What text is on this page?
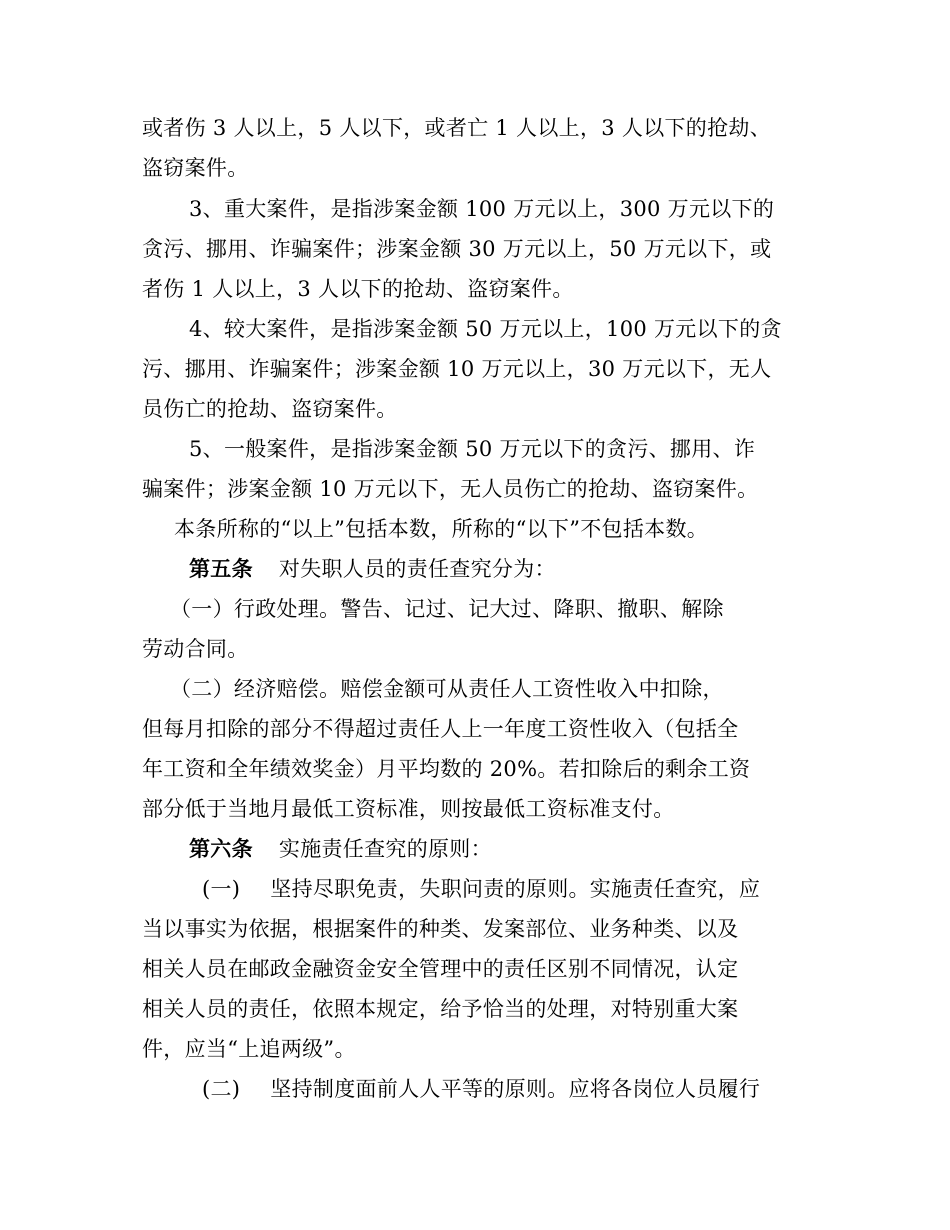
或者伤 3 人以上，5 人以下，或者亡 1 人以上，3 人以下的抢劫、
盗窃案件。
3、重大案件，是指涉案金额 100 万元以上，300 万元以下的
贪污、挪用、诈骗案件；涉案金额 30 万元以上，50 万元以下，或
者伤 1 人以上，3 人以下的抢劫、盗窃案件。
4、较大案件，是指涉案金额 50 万元以上，100 万元以下的贪
污、挪用、诈骗案件；涉案金额 10 万元以上，30 万元以下，无人
员伤亡的抢劫、盗窃案件。
5、一般案件，是指涉案金额 50 万元以下的贪污、挪用、诈
骗案件；涉案金额 10 万元以下，无人员伤亡的抢劫、盗窃案件。
本条所称的“以上”包括本数，所称的“以下”不包括本数。
第五条 对失职人员的责任查究分为：
（一）行政处理。警告、记过、记大过、降职、撤职、解除
劳动合同。
（二）经济赔偿。赔偿金额可从责任人工资性收入中扣除，
但每月扣除的部分不得超过责任人上一年度工资性收入（包括全
年工资和全年绩效奖金）月平均数的 20%。若扣除后的剩余工资
部分低于当地月最低工资标准，则按最低工资标准支付。
第六条 实施责任查究的原则：
(一) 坚持尽职免责，失职问责的原则。实施责任查究，应
当以事实为依据，根据案件的种类、发案部位、业务种类、以及
相关人员在邮政金融资金安全管理中的责任区别不同情况，认定
相关人员的责任，依照本规定，给予恰当的处理，对特别重大案
件，应当“上追两级”。
(二) 坚持制度面前人人平等的原则。应将各岗位人员履行
